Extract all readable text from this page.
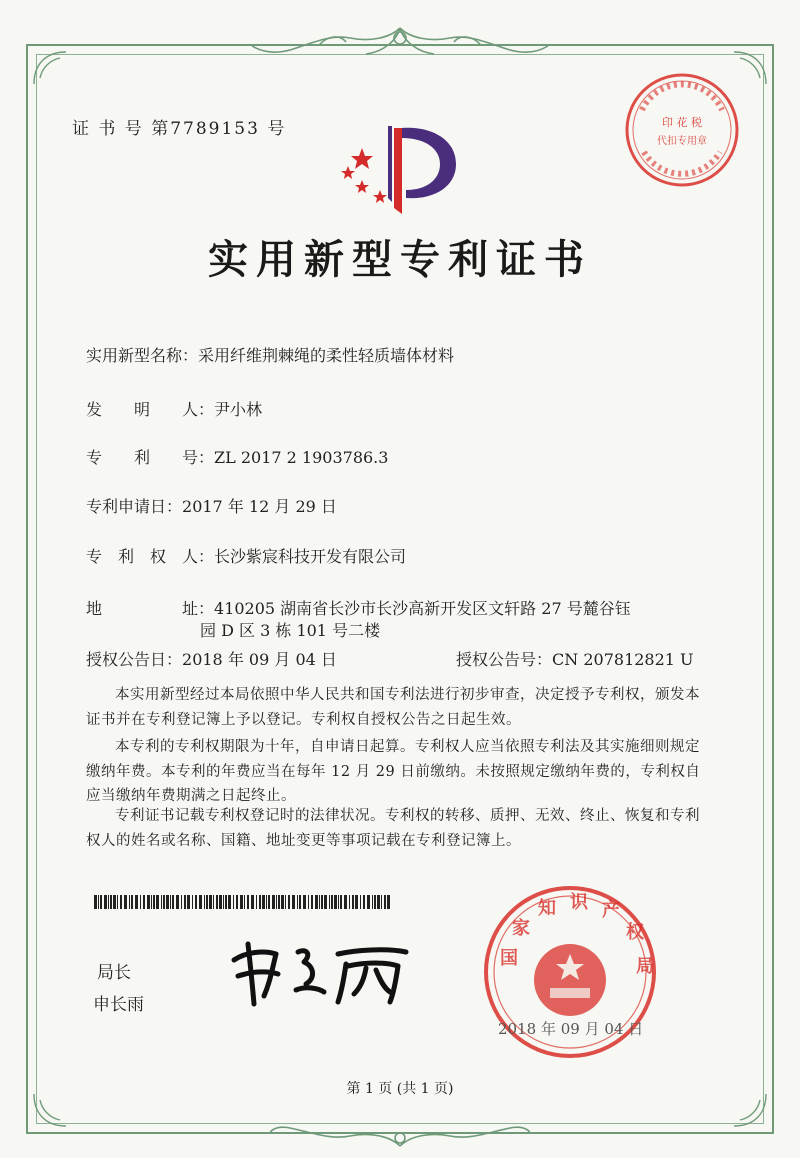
证 书 号 第7789153 号	印 花 税
代扣专用章
实用新型专利证书
实用新型名称：采用纤维荆棘绳的柔性轻质墙体材料
发　　明　　人：尹小林
专　　利　　号：ZL 2017 2 1903786.3
专利申请日：2017 年 12 月 29 日
专　利　权　人：长沙紫宸科技开发有限公司
地　　　　　址：410205 湖南省长沙市长沙高新开发区文轩路 27 号麓谷钰
园 D 区 3 栋 101 号二楼
授权公告日：2018 年 09 月 04 日	授权公告号：CN 207812821 U
本实用新型经过本局依照中华人民共和国专利法进行初步审查，决定授予专利权，颁发本证书并在专利登记簿上予以登记。专利权自授权公告之日起生效。
本专利的专利权期限为十年，自申请日起算。专利权人应当依照专利法及其实施细则规定缴纳年费。本专利的年费应当在每年 12 月 29 日前缴纳。未按照规定缴纳年费的，专利权自应当缴纳年费期满之日起终止。
专利证书记载专利权登记时的法律状况。专利权的转移、质押、无效、终止、恢复和专利权人的姓名或名称、国籍、地址变更等事项记载在专利登记簿上。
局长
申长雨
国
家
知 识 产
权
局
2018 年 09 月 04 日
第 1 页 (共 1 页)
